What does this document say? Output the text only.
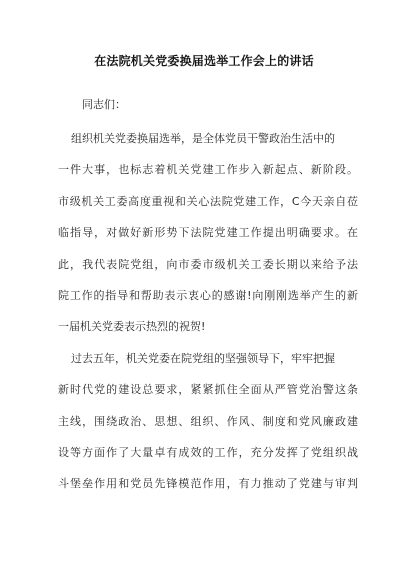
在法院机关党委换届选举工作会上的讲话
同志们：
组织机关党委换届选举，是全体党员干警政治生活中的
一件大事，也标志着机关党建工作步入新起点、新阶段。
市级机关工委高度重视和关心法院党建工作，C今天亲自莅
临指导，对做好新形势下法院党建工作提出明确要求。在
此，我代表院党组，向市委市级机关工委长期以来给予法
院工作的指导和帮助表示衷心的感谢!向刚刚选举产生的新
一届机关党委表示热烈的祝贺!
过去五年，机关党委在院党组的坚强领导下，牢牢把握
新时代党的建设总要求，紧紧抓住全面从严管党治警这条
主线，围绕政治、思想、组织、作风、制度和党风廉政建
设等方面作了大量卓有成效的工作，充分发挥了党组织战
斗堡垒作用和党员先锋模范作用，有力推动了党建与审判
